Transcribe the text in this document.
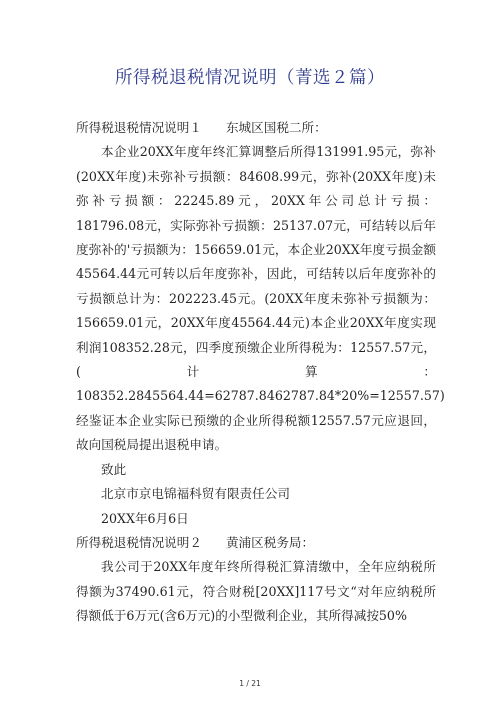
所得税退税情况说明（菁选２篇）

所得税退税情况说明１      东城区国税二所：

本企业20XX年度年终汇算调整后所得131991.95元，弥补(20XX年度)未弥补亏损额：84608.99元，弥补(20XX年度)未弥补亏损额：22245.89元，20XX年公司总计亏损：181796.08元，实际弥补亏损额：25137.07元，可结转以后年度弥补的'亏损额为：156659.01元，本企业20XX年度亏损金额45564.44元可转以后年度弥补，因此，可结转以后年度弥补的亏损额总计为：202223.45元。(20XX年度未弥补亏损额为：156659.01元，20XX年度45564.44元)本企业20XX年度实现利润108352.28元，四季度预缴企业所得税为：12557.57元，(计算：108352.2845564.44=62787.8462787.84*20%=12557.57)经鉴证本企业实际已预缴的企业所得税额12557.57元应退回，故向国税局提出退税申请。

致此

北京市京电锦福科贸有限责任公司

20XX年6月6日

所得税退税情况说明２      黄浦区税务局：

我公司于20XX年度年终所得税汇算清缴中，全年应纳税所得额为37490.61元，符合财税[20XX]117号文“对年应纳税所得额低于6万元(含6万元)的小型微利企业，其所得减按50%

1 / 21
